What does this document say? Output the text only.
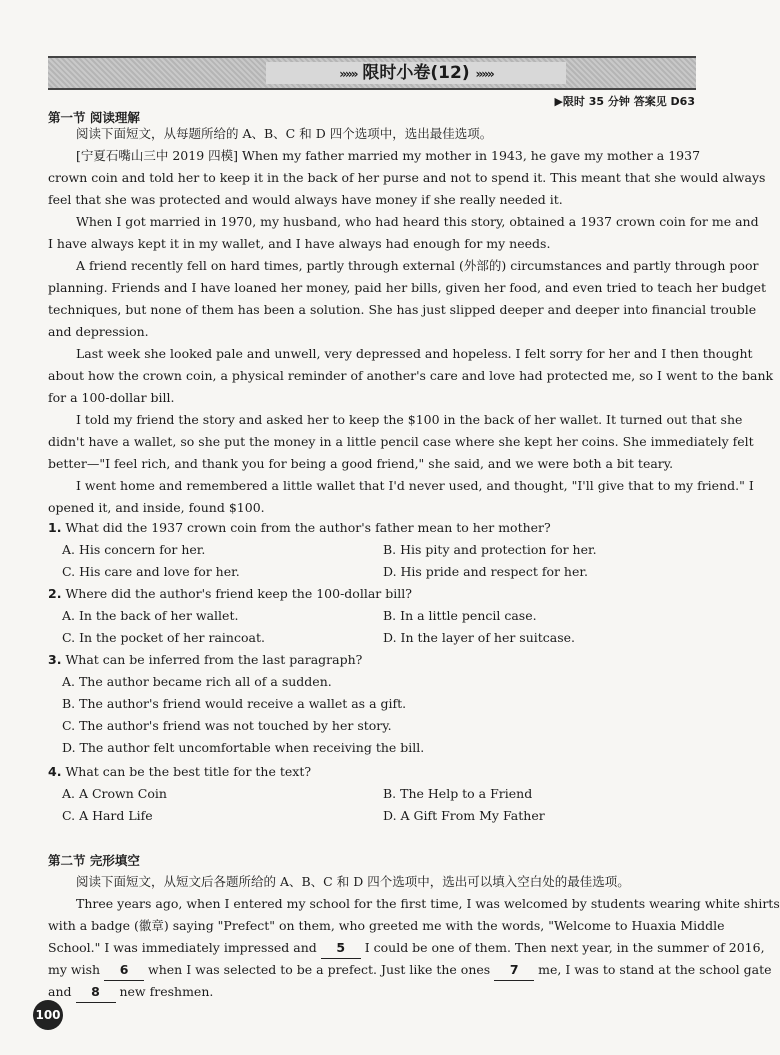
»»» 限时小卷(12) »»»
▶限时 35 分钟 答案见 D63
第一节 阅读理解
阅读下面短文，从每题所给的 A、B、C 和 D 四个选项中，选出最佳选项。
[宁夏石嘴山三中 2019 四模] When my father married my mother in 1943, he gave my mother a 1937
crown coin and told her to keep it in the back of her purse and not to spend it. This meant that she would always
feel that she was protected and would always have money if she really needed it.
When I got married in 1970, my husband, who had heard this story, obtained a 1937 crown coin for me and
I have always kept it in my wallet, and I have always had enough for my needs.
A friend recently fell on hard times, partly through external (外部的) circumstances and partly through poor
planning. Friends and I have loaned her money, paid her bills, given her food, and even tried to teach her budget
techniques, but none of them has been a solution. She has just slipped deeper and deeper into financial trouble
and depression.
Last week she looked pale and unwell, very depressed and hopeless. I felt sorry for her and I then thought
about how the crown coin, a physical reminder of another's care and love had protected me, so I went to the bank
for a 100-dollar bill.
I told my friend the story and asked her to keep the $100 in the back of her wallet. It turned out that she
didn't have a wallet, so she put the money in a little pencil case where she kept her coins. She immediately felt
better—"I feel rich, and thank you for being a good friend," she said, and we were both a bit teary.
I went home and remembered a little wallet that I'd never used, and thought, "I'll give that to my friend." I
opened it, and inside, found $100.
1. What did the 1937 crown coin from the author's father mean to her mother?
A. His concern for her.	B. His pity and protection for her.
C. His care and love for her.	D. His pride and respect for her.
2. Where did the author's friend keep the 100-dollar bill?
A. In the back of her wallet.	B. In a little pencil case.
C. In the pocket of her raincoat.	D. In the layer of her suitcase.
3. What can be inferred from the last paragraph?
A. The author became rich all of a sudden.
B. The author's friend would receive a wallet as a gift.
C. The author's friend was not touched by her story.
D. The author felt uncomfortable when receiving the bill.
4. What can be the best title for the text?
A. A Crown Coin	B. The Help to a Friend
C. A Hard Life	D. A Gift From My Father
第二节 完形填空
阅读下面短文，从短文后各题所给的 A、B、C 和 D 四个选项中，选出可以填入空白处的最佳选项。
Three years ago, when I entered my school for the first time, I was welcomed by students wearing white shirts
with a badge (徽章) saying "Prefect" on them, who greeted me with the words, "Welcome to Huaxia Middle
School." I was immediately impressed and 5 I could be one of them. Then next year, in the summer of 2016,
my wish 6 when I was selected to be a prefect. Just like the ones 7 me, I was to stand at the school gate
and 8 new freshmen.
100
